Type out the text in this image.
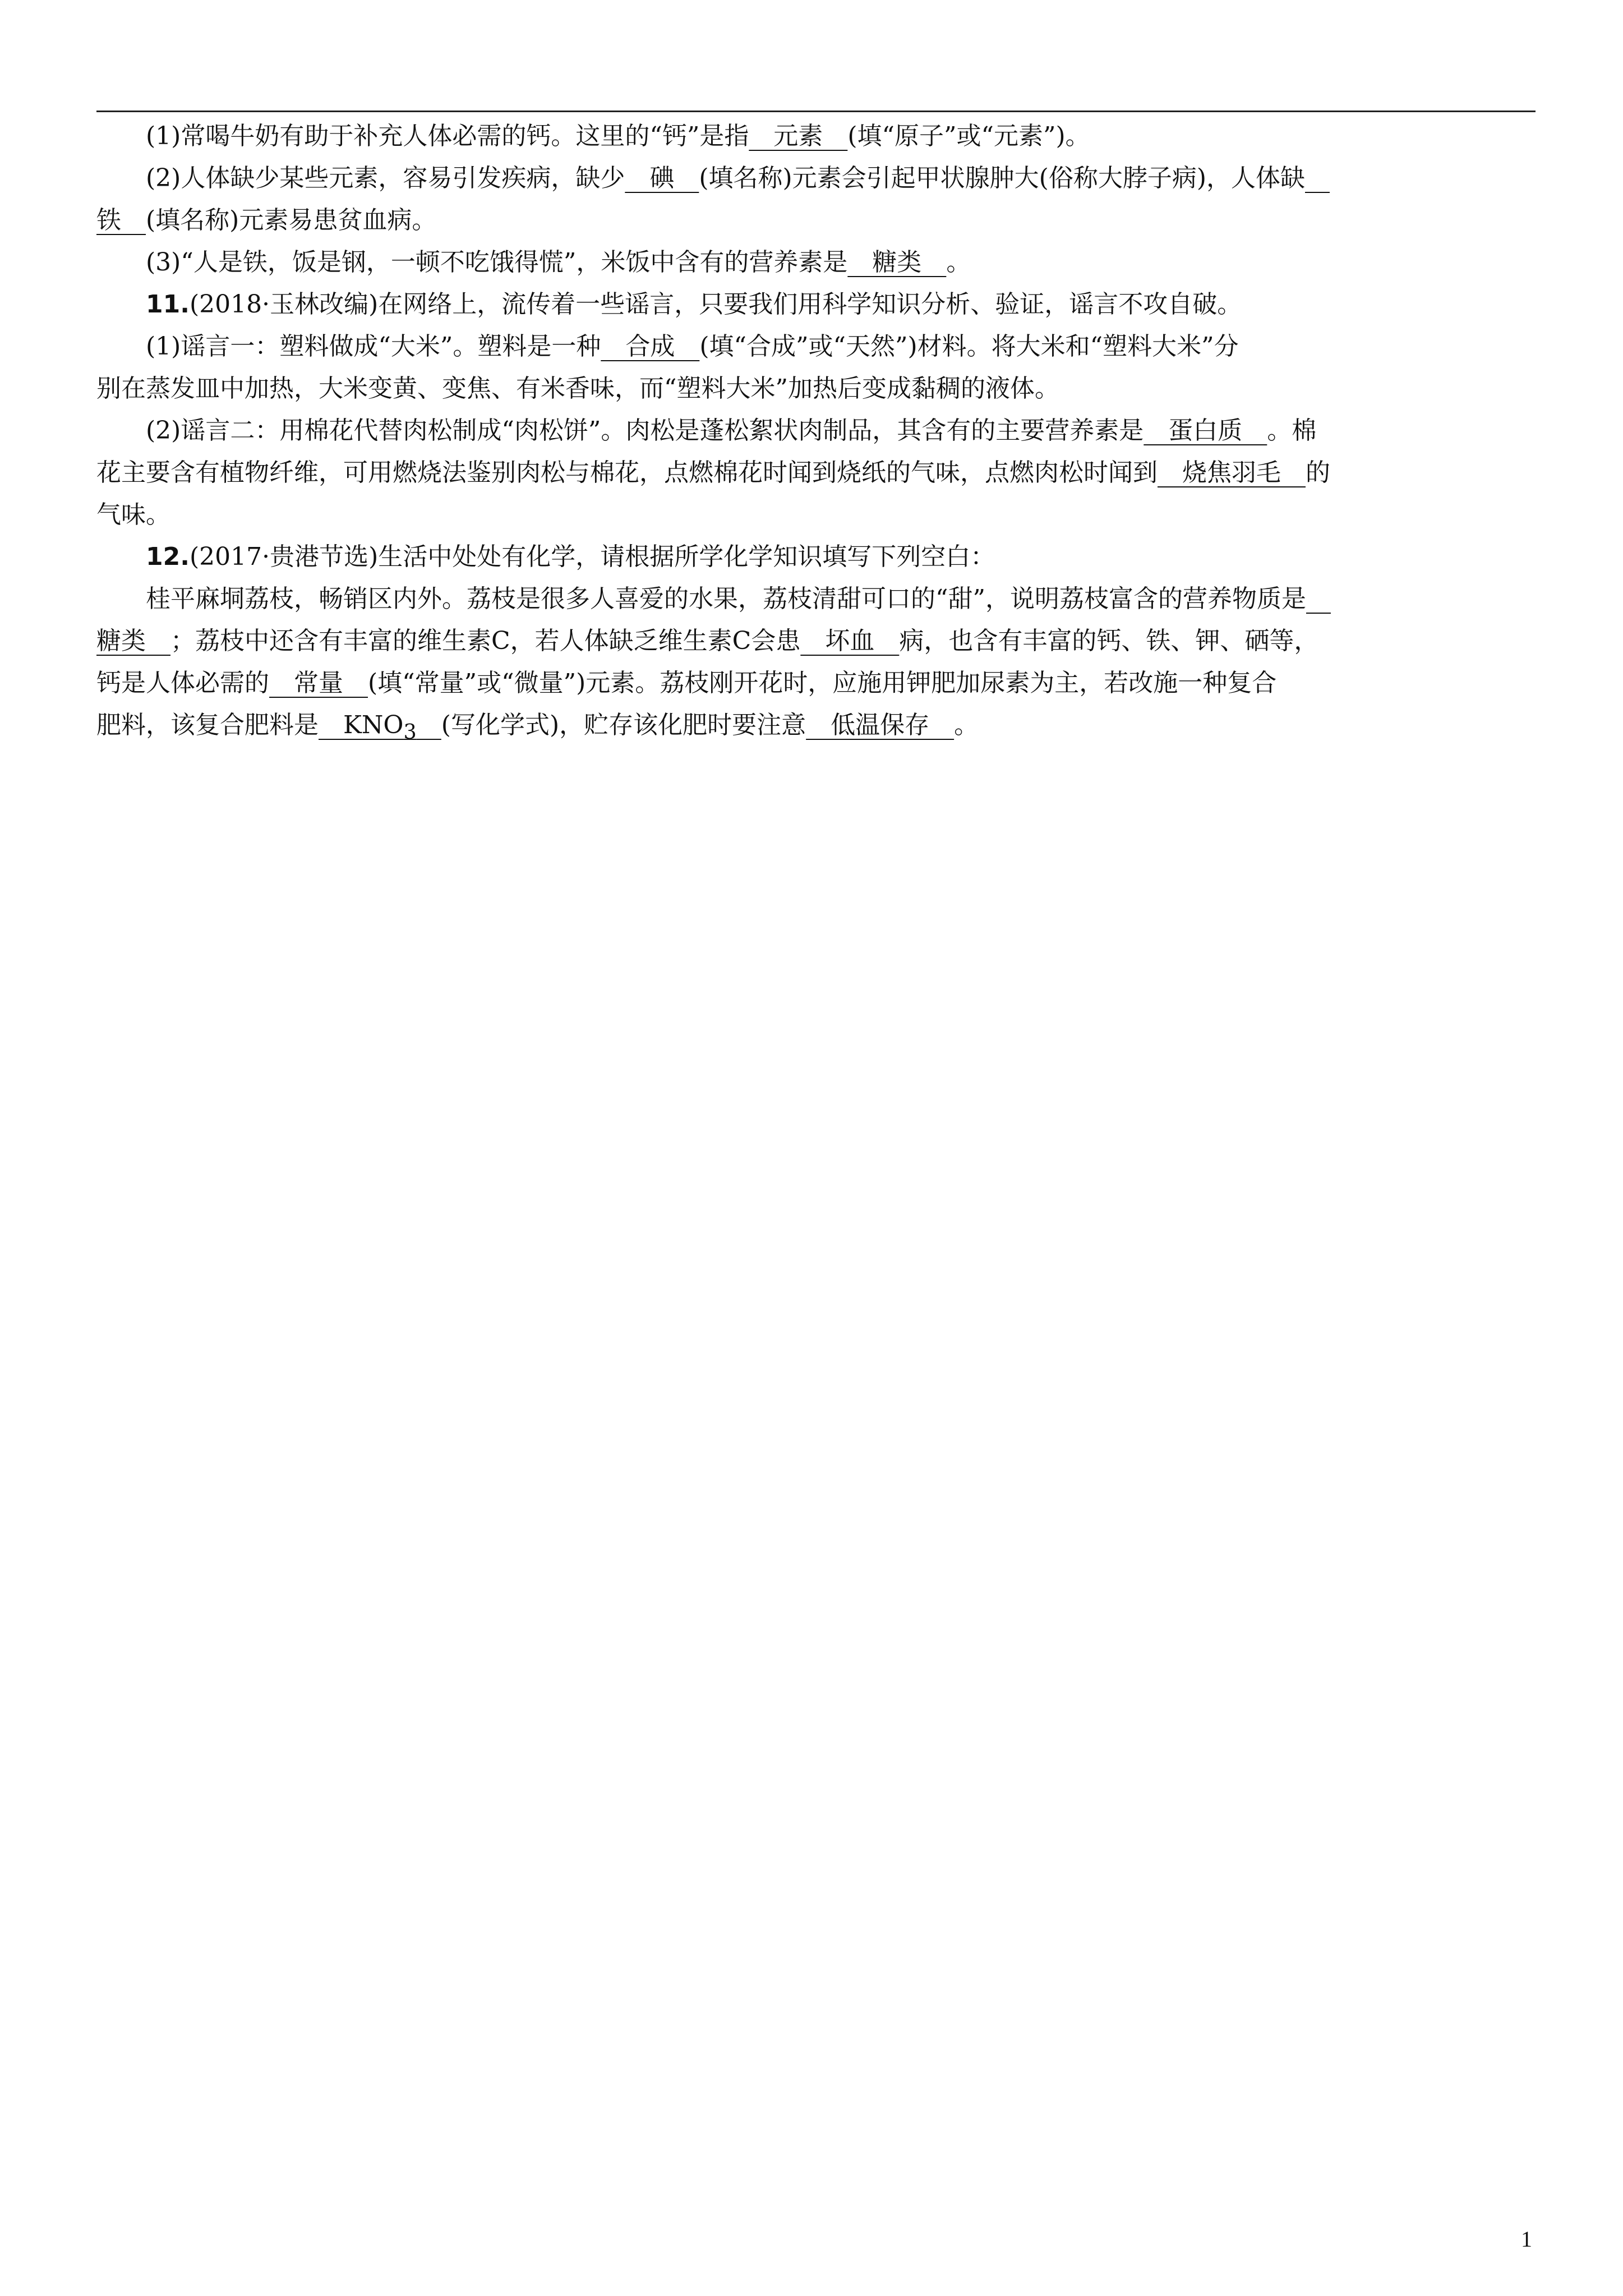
(1)常喝牛奶有助于补充人体必需的钙。这里的“钙”是指　元素　(填“原子”或“元素”)。
(2)人体缺少某些元素，容易引发疾病，缺少　碘　(填名称)元素会引起甲状腺肿大(俗称大脖子病)，人体缺　
铁　(填名称)元素易患贫血病。
(3)“人是铁，饭是钢，一顿不吃饿得慌”，米饭中含有的营养素是　糖类　。
11.(2018·玉林改编)在网络上，流传着一些谣言，只要我们用科学知识分析、验证，谣言不攻自破。
(1)谣言一：塑料做成“大米”。塑料是一种　合成　(填“合成”或“天然”)材料。将大米和“塑料大米”分
别在蒸发皿中加热，大米变黄、变焦、有米香味，而“塑料大米”加热后变成黏稠的液体。
(2)谣言二：用棉花代替肉松制成“肉松饼”。肉松是蓬松絮状肉制品，其含有的主要营养素是　蛋白质　。棉
花主要含有植物纤维，可用燃烧法鉴别肉松与棉花，点燃棉花时闻到烧纸的气味，点燃肉松时闻到　烧焦羽毛　的
气味。
12.(2017·贵港节选)生活中处处有化学，请根据所学化学知识填写下列空白：
桂平麻垌荔枝，畅销区内外。荔枝是很多人喜爱的水果，荔枝清甜可口的“甜”，说明荔枝富含的营养物质是　
糖类　；荔枝中还含有丰富的维生素C，若人体缺乏维生素C会患　坏血　病，也含有丰富的钙、铁、钾、硒等，
钙是人体必需的　常量　(填“常量”或“微量”)元素。荔枝刚开花时，应施用钾肥加尿素为主，若改施一种复合
肥料，该复合肥料是　$KNO_3$　 (写化学式)，贮存该化肥时要注意　低温保存　。
1
